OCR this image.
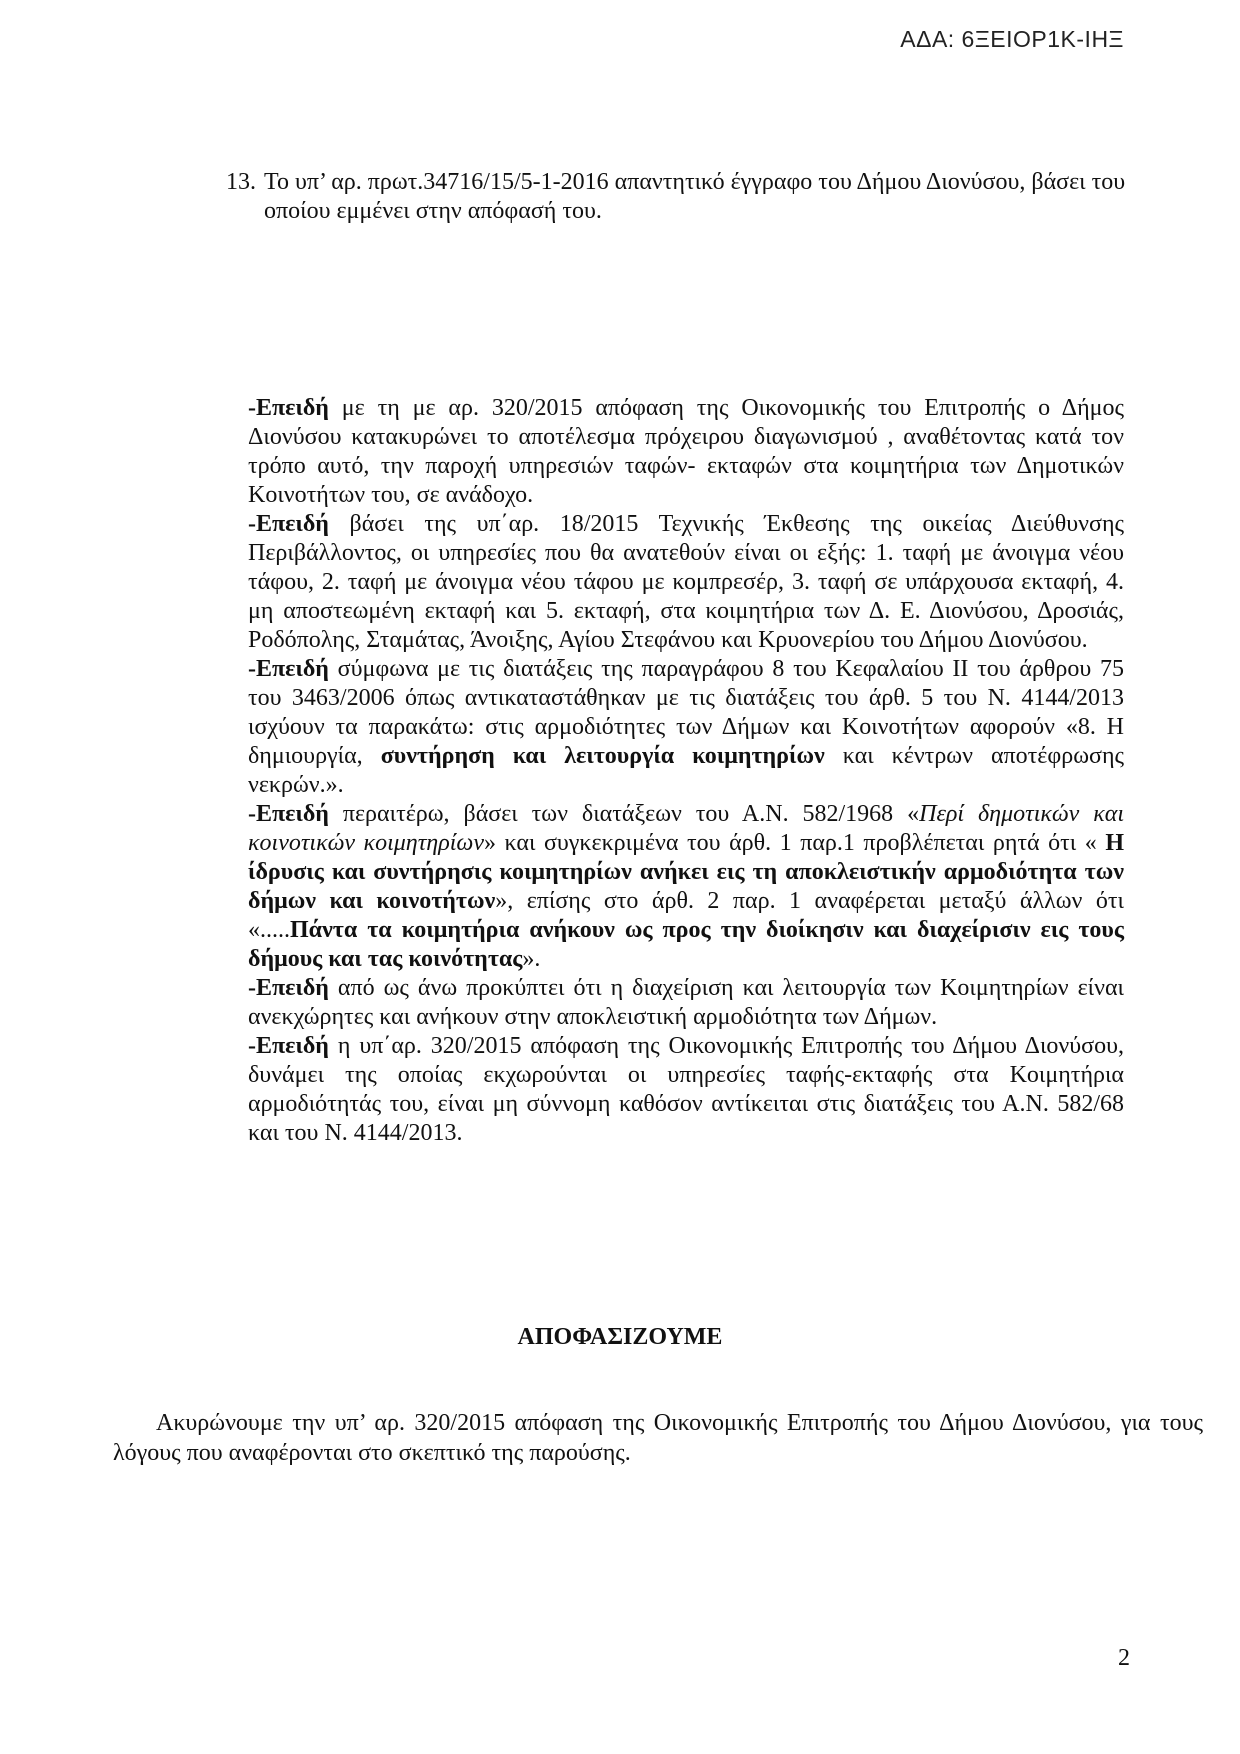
ΑΔΑ: 6ΞΕΙΟΡ1Κ-ΙΗΞ
13. Το υπ’ αρ. πρωτ.34716/15/5-1-2016 απαντητικό έγγραφο του Δήμου Διονύσου, βάσει του οποίου εμμένει στην απόφασή του.

-Επειδή με τη με αρ. 320/2015 απόφαση της Οικονομικής του Επιτροπής ο Δήμος Διονύσου κατακυρώνει το αποτέλεσμα πρόχειρου διαγωνισμού , αναθέτοντας κατά τον τρόπο αυτό, την παροχή υπηρεσιών ταφών- εκταφών στα κοιμητήρια των Δημοτικών Κοινοτήτων του, σε ανάδοχο.

-Επειδή βάσει της υπ΄αρ. 18/2015 Τεχνικής Έκθεσης της οικείας Διεύθυνσης Περιβάλλοντος, οι υπηρεσίες που θα ανατεθούν είναι οι εξής: 1. ταφή με άνοιγμα νέου τάφου, 2. ταφή με άνοιγμα νέου τάφου με κομπρεσέρ, 3. ταφή σε υπάρχουσα εκταφή, 4. μη αποστεωμένη εκταφή και 5. εκταφή, στα κοιμητήρια των Δ. Ε. Διονύσου, Δροσιάς, Ροδόπολης, Σταμάτας, Άνοιξης, Αγίου Στεφάνου και Κρυονερίου του Δήμου Διονύσου.

-Επειδή σύμφωνα με τις διατάξεις της παραγράφου 8 του Κεφαλαίου ΙΙ του άρθρου 75 του 3463/2006 όπως αντικαταστάθηκαν με τις διατάξεις του άρθ. 5 του Ν. 4144/2013 ισχύουν τα παρακάτω: στις αρμοδιότητες των Δήμων και Κοινοτήτων αφορούν «8. Η δημιουργία, συντήρηση και λειτουργία κοιμητηρίων και κέντρων αποτέφρωσης νεκρών.».

-Επειδή περαιτέρω, βάσει των διατάξεων του Α.Ν. 582/1968 «Περί δημοτικών και κοινοτικών κοιμητηρίων» και συγκεκριμένα του άρθ. 1 παρ.1 προβλέπεται ρητά ότι « Η ίδρυσις και συντήρησις κοιμητηρίων ανήκει εις τη αποκλειστικήν αρμοδιότητα των δήμων και κοινοτήτων», επίσης στο άρθ. 2 παρ. 1 αναφέρεται μεταξύ άλλων ότι «.....Πάντα τα κοιμητήρια ανήκουν ως προς την διοίκησιν και διαχείρισιν εις τους δήμους και τας κοινότητας».

-Επειδή από ως άνω προκύπτει ότι η διαχείριση και λειτουργία των Κοιμητηρίων είναι ανεκχώρητες και ανήκουν στην αποκλειστική αρμοδιότητα των Δήμων.

-Επειδή η υπ΄αρ. 320/2015 απόφαση της Οικονομικής Επιτροπής του Δήμου Διονύσου, δυνάμει της οποίας εκχωρούνται οι υπηρεσίες ταφής-εκταφής στα Κοιμητήρια αρμοδιότητάς του, είναι μη σύννομη καθόσον αντίκειται στις διατάξεις του Α.Ν. 582/68 και του Ν. 4144/2013.

ΑΠΟΦΑΣΙΖΟΥΜΕ

Ακυρώνουμε την υπ’ αρ. 320/2015 απόφαση της Οικονομικής Επιτροπής του Δήμου Διονύσου, για τους λόγους που αναφέρονται στο σκεπτικό της παρούσης.

2
